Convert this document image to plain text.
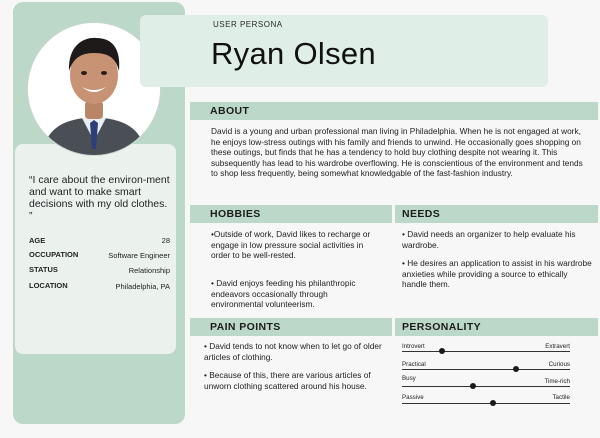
“I care about the environ-ment and want to make smart decisions with my old clothes. ”
AGE	28
OCCUPATION	Software Engineer
STATUS	Relationship
LOCATION	Philadelphia, PA
USER PERSONA
Ryan Olsen
ABOUT
David is a young and urban professional man living in Philadelphia. When he is not engaged at work, he enjoys low-stress outings with his family and friends to unwind. He occasionally goes shopping on these outings, but finds that he has a tendency to hold buy clothing despite not wearing it. This subsequently has lead to his wardrobe overflowing. He is conscientious of the environment and tends to shop less frequently, being somewhat knowledgable of the fast-fashion industry.
HOBBIES	NEEDS
•Outside of work, David likes to recharge or engage in low pressure social activities in order to be well-rested.
• David enjoys feeding his philanthropic endeavors occasionally through environmental volunteerism.
• David needs an organizer to help evaluate his wardrobe.
• He desires an application to assist in his wardrobe anxieties while providing a source to ethically handle them.
PAIN POINTS	PERSONALITY
• David tends to not know when to let go of older articles of clothing.
• Because of this, there are various articles of unworn clothing scattered around his house.
Introvert	Extravert
Practical	Curious
Busy	Time-rich
Passive	Tactile
